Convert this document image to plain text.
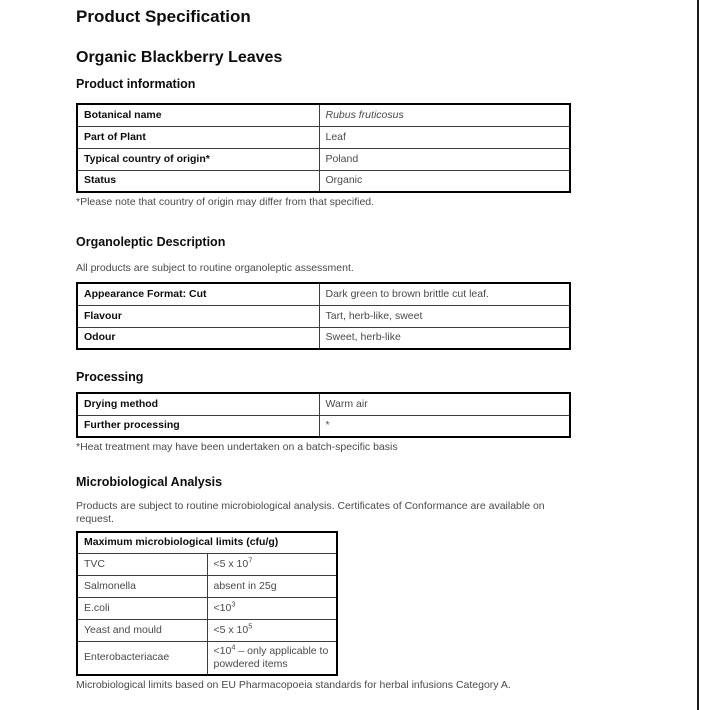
Product Specification
Organic Blackberry Leaves
Product information
Botanical name	Rubus fruticosus
Part of Plant	Leaf
Typical country of origin*	Poland
Status	Organic

*Please note that country of origin may differ from that specified.

Organoleptic Description

All products are subject to routine organoleptic assessment.

Appearance Format: Cut	Dark green to brown brittle cut leaf.
Flavour	Tart, herb-like, sweet
Odour	Sweet, herb-like
Processing
Drying method	Warm air
Further processing	*

*Heat treatment may have been undertaken on a batch-specific basis

Microbiological Analysis

Products are subject to routine microbiological analysis. Certificates of Conformance are available on request.

Maximum microbiological limits (cfu/g)	
TVC	<5 x $10^7$
Salmonella	absent in 25g
E.coli	$<10^3$
Yeast and mould	<5 x $10^5$
Enterobacteriacae	$<10^4$ – only applicable to powdered items

Microbiological limits based on EU Pharmacopoeia standards for herbal infusions Category A.
